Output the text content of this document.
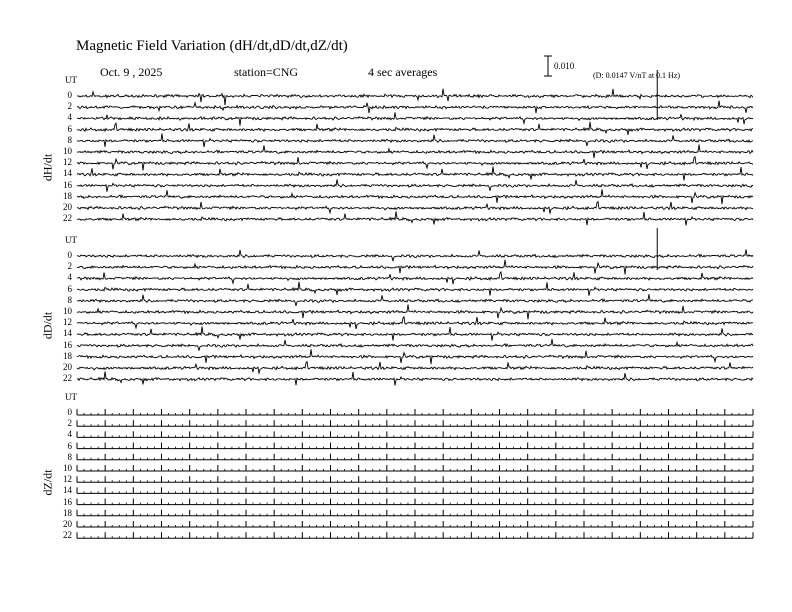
Magnetic Field Variation (dH/dt,dD/dt,dZ/dt)
Oct. 9 , 2025	station=CNG	4 sec averages	0.010
(D: 0.0147 V/nT at 0.1 Hz)
UT
dH/dt
0
2
4
6
8
10
12
14
16
18
20
22
UT
dD/dt
0
2
4
6
8
10
12
14
16
18
20
22
UT
dZ/dt
0
2
4
6
8
10
12
14
16
18
20
22
